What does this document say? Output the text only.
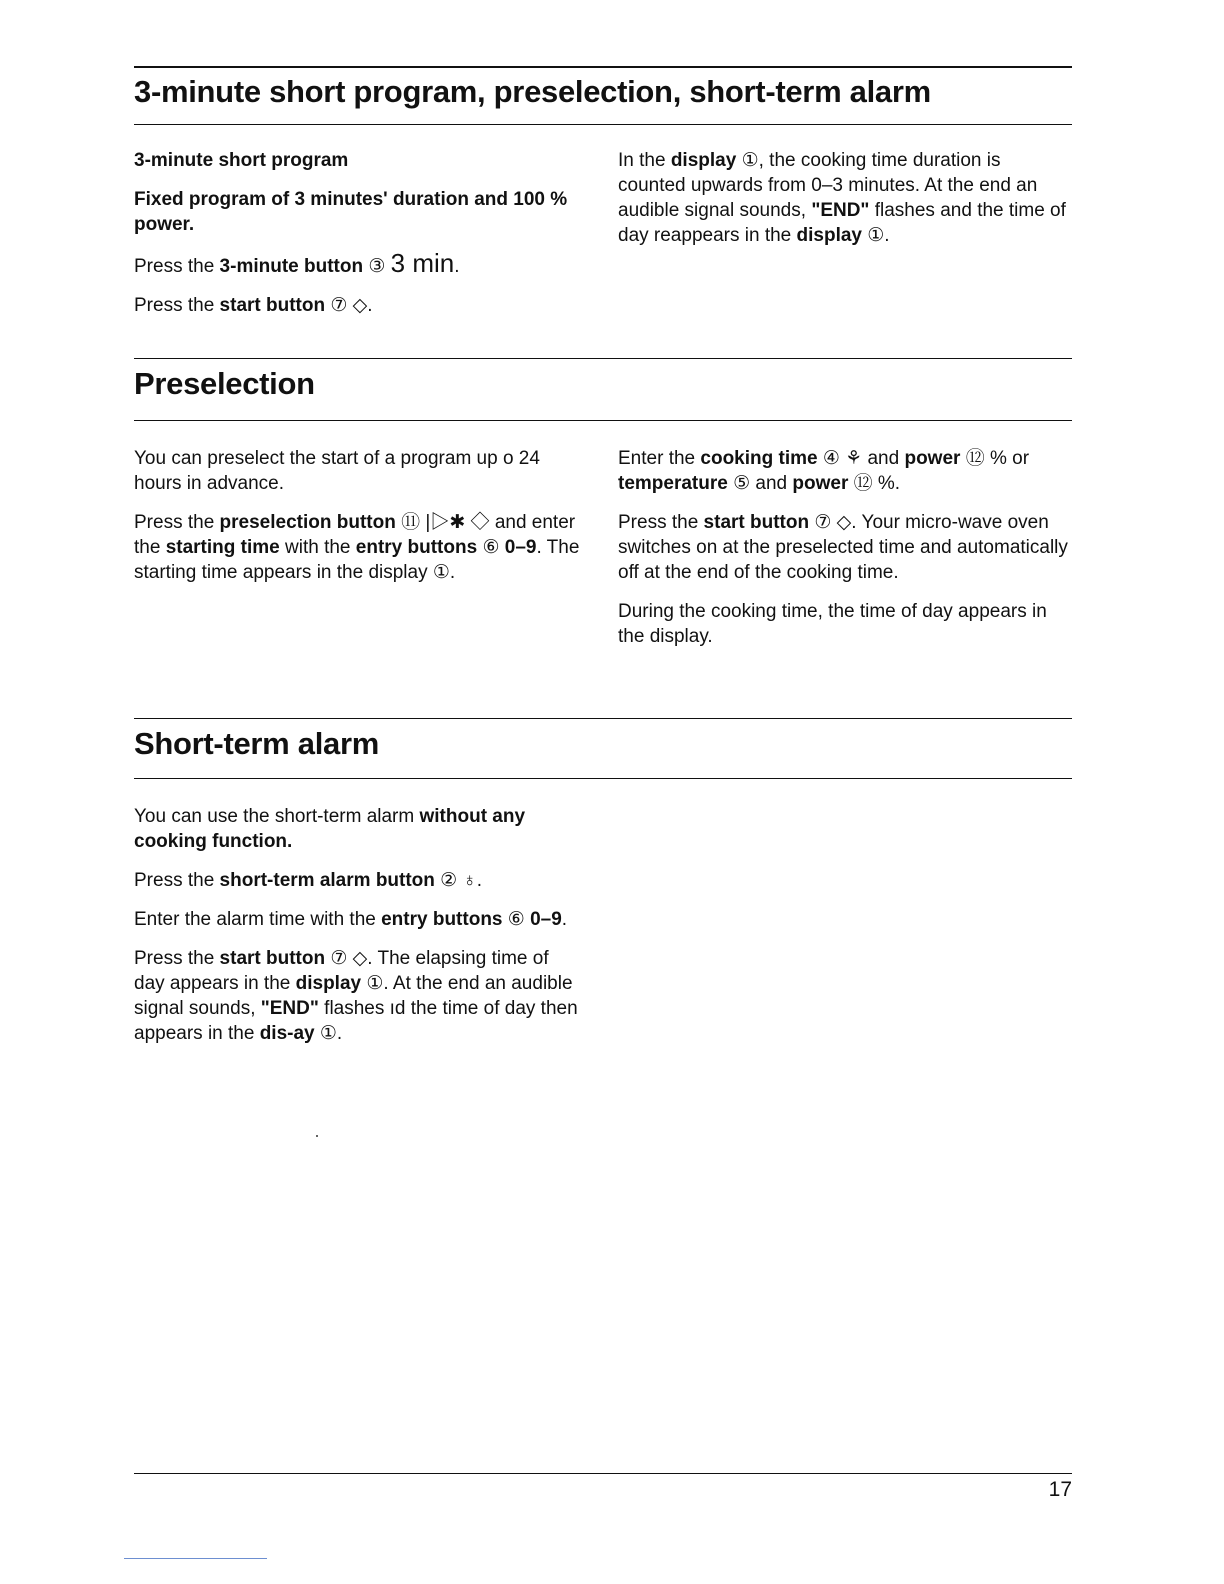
3-minute short program, preselection, short-term alarm

3-minute short program

Fixed program of 3 minutes' duration and 100 % power.

Press the 3-minute button ③ 3 min.

Press the start button ⑦ ◇.

In the display ①, the cooking time duration is counted upwards from 0–3 minutes. At the end an audible signal sounds, "END" flashes and the time of day reappears in the display ①.

Preselection

You can preselect the start of a program up o 24 hours in advance.

Press the preselection button ⑪ |▷✱ ◇ and enter the starting time with the entry buttons ⑥ 0–9. The starting time appears in the display ①.

Enter the cooking time ④ ⚘ and power ⑫ % or temperature ⑤ and power ⑫ %.

Press the start button ⑦ ◇. Your micro-wave oven switches on at the preselected time and automatically off at the end of the cooking time.

During the cooking time, the time of day appears in the display.

Short-term alarm

You can use the short-term alarm without any cooking function.

Press the short-term alarm button ② ♁.

Enter the alarm time with the entry buttons ⑥ 0–9.

Press the start button ⑦ ◇. The elapsing time of day appears in the display ①. At the end an audible signal sounds, "END" flashes ıd the time of day then appears in the dis-ay ①.

17
